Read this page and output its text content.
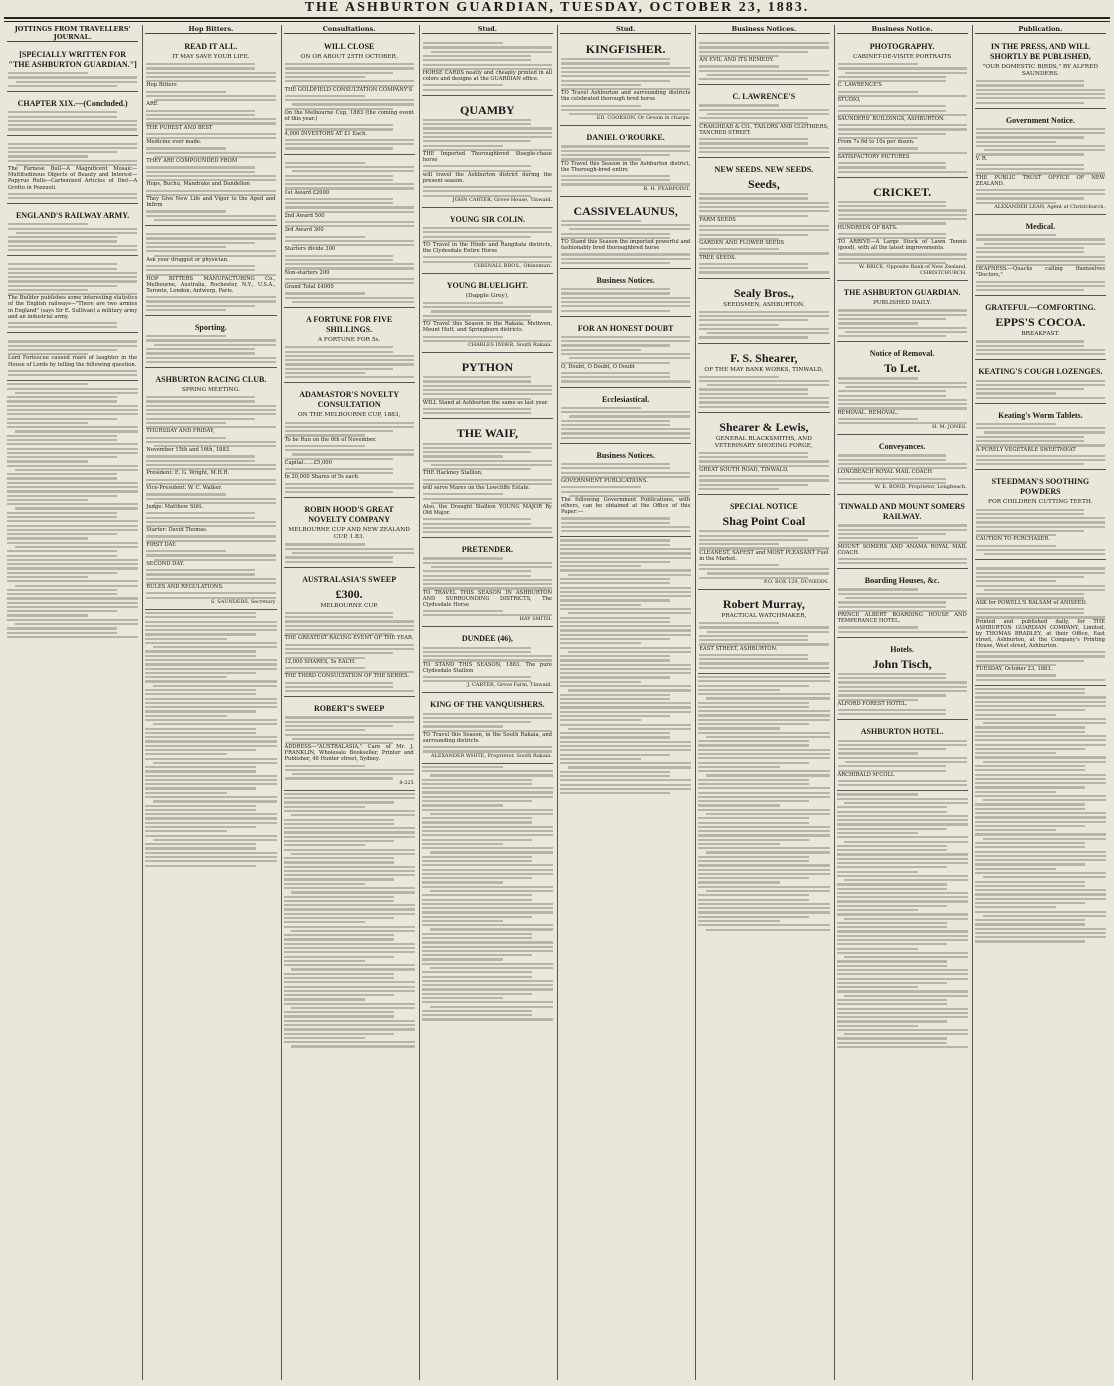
THE ASHBURTON GUARDIAN, TUESDAY, OCTOBER 23, 1883.
JOTTINGS FROM TRAVELLERS' JOURNAL.
[SPECIALLY WRITTEN FOR "THE ASHBURTON GUARDIAN."]
CHAPTER XIX.—(Concluded.)
The Farnese Bull—A Magnificent Mosaic—Multitudinous Objects of Beauty and Interest—Papyrus Rolls—Carbonized Articles of Diet—A Grotto in Pozzuoli.
ENGLAND'S RAILWAY ARMY.
The Builder publishes some interesting statistics of the English railways—"There are two armies in England" (says Sir E. Sullivan) a military army and an industrial army.
Lord Fortescue caused roars of laughter in the House of Lords by telling the following question.
Hop Bitters.
READ IT ALL.
IT MAY SAVE YOUR LIFE.
Hop Bitters
ARE
THE PUREST AND BEST
Medicine ever made.
THEY ARE COMPOUNDED FROM
Hops, Buchu, Mandrake and Dandelion
They Give New Life and Vigor to the Aged and Infirm
Ask your druggist or physician.
HOP BITTERS MANUFACTURING Co., Melbourne, Australia, Rochester, N.Y., U.S.A., Toronto, London, Antwerp, Paris.
Sporting.
ASHBURTON RACING CLUB.
SPRING MEETING.
THURSDAY AND FRIDAY,
November 15th and 16th, 1883.
President: E. G. Wright, M.H.R.
Vice-President: W. C. Walker.
Judge: Matthew Stitt.
Starter: David Thomas.
FIRST DAY.
SECOND DAY.
RULES AND REGULATIONS.
S. SAUNDERS, Secretary
Consultations.
WILL CLOSE
ON OR ABOUT 25TH OCTOBER.
THE GOLDFIELD CONSULTATION COMPANY'S
On the Melbourne Cup, 1883 (the coming event of this year.)
4,000 INVESTORS AT £1 Each.
1st Award £2000
2nd Award 500
3rd Award 300
Starters divide 300
Non-starters 200
Grand Total £4000
A FORTUNE FOR FIVE SHILLINGS.
A FORTUNE FOR 5s.
ADAMASTOR'S NOVELTY CONSULTATION
ON THE MELBOURNE CUP, 1883,
To be Run on the 6th of November.
Capital……£5,000
In 20,000 Shares of 5s each.
ROBIN HOOD'S GREAT NOVELTY COMPANY
MELBOURNE CUP AND NEW ZEALAND CUP, 1.83.
AUSTRALASIA'S SWEEP
£300.
MELBOURNE CUP.
THE GREATEST RACING EVENT OF THE YEAR.
12,000 SHARES, 5s EACH.
THE THIRD CONSULTATION OF THE SERIES.
ROBERT'S SWEEP
ADDRESS—"AUSTRALASIA," Care of Mr. J. FRANKLIN, Wholesale Bookseller, Printer and Publisher, 40 Hunter street, Sydney.
8-225
Stud.
HORSE CARDS neatly and cheaply printed in all colors and designs at the GUARDIAN office.
QUAMBY
THE Imported Thoroughbred Steeple-chase horse
will travel the Ashburton district during the present season.
JOHN CARTER, Grove House, Tinwald.
YOUNG SIR COLIN.
TO Travel in the Hinds and Rangitata districts, the Clydesdale Entire Horse
CHISNALL BROS., Ohinemuri.
YOUNG BLUELIGHT.
(Dapple Grey),
TO Travel this Season in the Rakaia, Methven, Mount Hutt, and Springburn districts.
CHARLES INDER, South Rakaia.
PYTHON
WILL Stand at Ashburton the same as last year.
THE WAIF,
THE Hackney Stallion,
will serve Mares on the Lowcliffe Estate.
Also, the Draught Stallion YOUNG MAJOR By Old Major.
PRETENDER.
TO TRAVEL THIS SEASON IN ASHBURTON AND SURROUNDING DISTRICTS, The Clydesdale Horse
HAY SMITH.
DUNDEE (46),
TO STAND THIS SEASON, 1883. The pure Clydesdale Stallion
J. CARTER, Grove Farm, Tinwald.
KING OF THE VANQUISHERS.
TO Travel this Season, in the South Rakaia, and surrounding districts.
ALEXANDER WHITE, Proprietor, South Rakaia.
Stud.
KINGFISHER.
TO Travel Ashburton and surrounding districts the celebrated thorough bred horse
ED. COOKSON, Or Groom in charge.
DANIEL O'ROURKE.
TO Travel this Season in the Ashburton district, the Thorough-bred entire
R. H. PEARPOINT.
CASSIVELAUNUS,
TO Stand this Season the imported powerful and fashionably bred thoroughbred horse
Business Notices.
FOR AN HONEST DOUBT
O, Doubt, O Doubt, O Doubt
Ecclesiastical.
Business Notices.
GOVERNMENT PUBLICATIONS.
The following Government Publications, with others, can be obtained at the Office of this Paper:—
Business Notices.
AN EVIL AND ITS REMEDY.
C. LAWRENCE'S
CRAIGHEAD & CO., TAILORS AND CLOTHIERS, TANCRED STREET.
NEW SEEDS. NEW SEEDS.
Seeds,
FARM SEEDS
GARDEN AND FLOWER SEEDS
TREE SEEDS.
Sealy Bros.,
SEEDSMEN, ASHBURTON.
F. S. Shearer,
OF THE MAY BANK WORKS, TINWALD,
Shearer & Lewis,
GENERAL BLACKSMITHS, AND VETERINARY SHOEING FORGE,
GREAT SOUTH ROAD, TINWALD.
SPECIAL NOTICE
Shag Point Coal
CLEANEST, SAFEST and MOST PLEASANT Fuel in the Market.
P.O. BOX 129, DUNEDIN.
Robert Murray,
PRACTICAL WATCHMAKER,
EAST STREET, ASHBURTON.
Business Notice.
PHOTOGRAPHY.
CABINET-DE-VISITE PORTRAITS
C. LAWRENCE'S
STUDIO,
SAUNDERS' BUILDINGS, ASHBURTON.
From 7s 6d to 10s per dozen.
SATISFACTORY PICTURES
CRICKET.
HUNDREDS OF BATS.
TO ARRIVE—A Large Stock of Lawn Tennis (good), with all the latest improvements.
W. BRICE, Opposite Bank of New Zealand, CHRISTCHURCH.
THE ASHBURTON GUARDIAN.
PUBLISHED DAILY.
Notice of Removal.
To Let.
REMOVAL. REMOVAL.
H. M. JONES.
Conveyances.
LONGBEACH ROYAL MAIL COACH
W. E. BOND, Proprietor, Longbeach.
TINWALD AND MOUNT SOMERS RAILWAY.
MOUNT SOMERS AND ANAMA ROYAL MAIL COACH.
Boarding Houses, &c.
PRINCE ALBERT BOARDING HOUSE AND TEMPERANCE HOTEL.
Hotels.
John Tisch,
ALFORD FOREST HOTEL.
ASHBURTON HOTEL.
ARCHIBALD M'COLL
Publication.
IN THE PRESS, AND WILL SHORTLY BE PUBLISHED,
"OUR DOMESTIC BIRDS," BY ALFRED SAUNDERS.
Government Notice.
V. R.
THE PUBLIC TRUST OFFICE OF NEW ZEALAND.
ALEXANDER LEAN, Agent at Christchurch.
Medical.
DEAFNESS.—Quacks calling themselves "Doctors,"
GRATEFUL—COMFORTING.
EPPS'S COCOA.
BREAKFAST.
KEATING'S COUGH LOZENGES.
Keating's Worm Tablets.
A PURELY VEGETABLE SWEETMEAT
STEEDMAN'S SOOTHING POWDERS
FOR CHILDREN CUTTING TEETH.
CAUTION TO PURCHASER.
ASK for POWELL'S BALSAM of ANISEED.
Printed and published daily, for THE ASHBURTON GUARDIAN COMPANY, Limited, by THOMAS BRADLEY, at their Office, East street, Ashburton, at the Company's Printing House, West street, Ashburton.
TUESDAY, October 23, 1883.
